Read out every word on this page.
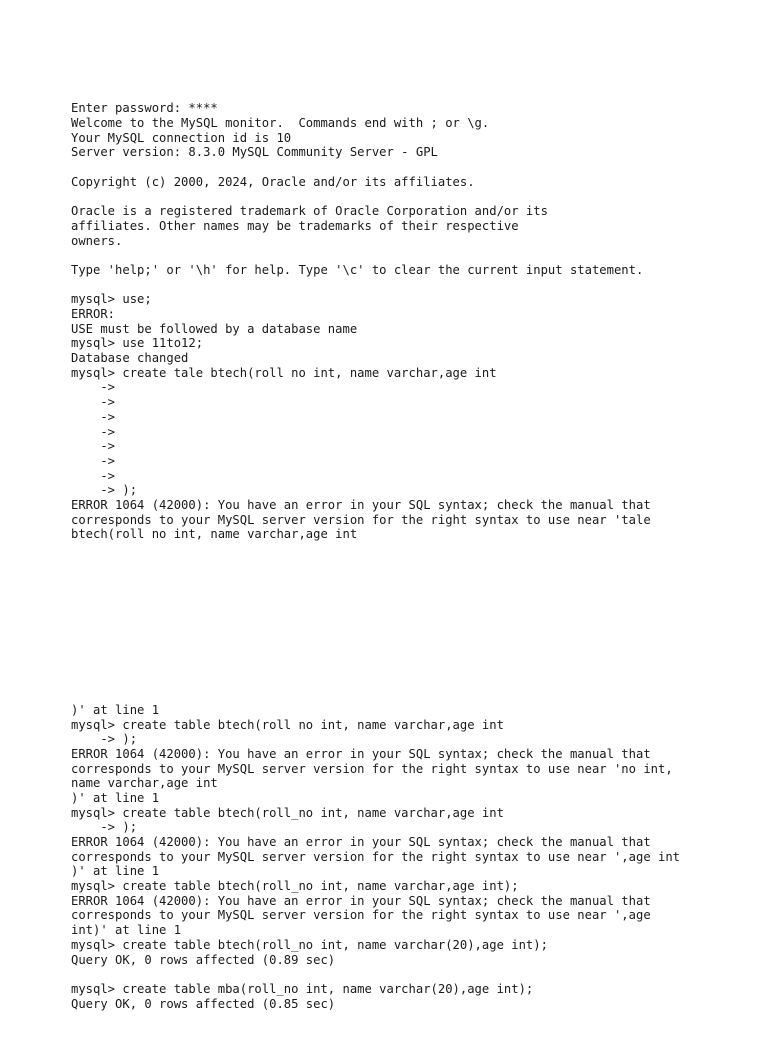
Enter password: ****
Welcome to the MySQL monitor.  Commands end with ; or \g.
Your MySQL connection id is 10
Server version: 8.3.0 MySQL Community Server - GPL
Copyright (c) 2000, 2024, Oracle and/or its affiliates.
Oracle is a registered trademark of Oracle Corporation and/or its
affiliates. Other names may be trademarks of their respective
owners.
Type 'help;' or '\h' for help. Type '\c' to clear the current input statement.
mysql> use;
ERROR:
USE must be followed by a database name
mysql> use 11to12;
Database changed
mysql> create tale btech(roll no int, name varchar,age int
->
->
->
->
->
->
->
-> );
ERROR 1064 (42000): You have an error in your SQL syntax; check the manual that
corresponds to your MySQL server version for the right syntax to use near 'tale
btech(roll no int, name varchar,age int

)' at line 1
mysql> create table btech(roll no int, name varchar,age int
-> );
ERROR 1064 (42000): You have an error in your SQL syntax; check the manual that
corresponds to your MySQL server version for the right syntax to use near 'no int,
name varchar,age int
)' at line 1
mysql> create table btech(roll_no int, name varchar,age int
-> );
ERROR 1064 (42000): You have an error in your SQL syntax; check the manual that
corresponds to your MySQL server version for the right syntax to use near ',age int
)' at line 1
mysql> create table btech(roll_no int, name varchar,age int);
ERROR 1064 (42000): You have an error in your SQL syntax; check the manual that
corresponds to your MySQL server version for the right syntax to use near ',age
int)' at line 1
mysql> create table btech(roll_no int, name varchar(20),age int);
Query OK, 0 rows affected (0.89 sec)
mysql> create table mba(roll_no int, name varchar(20),age int);
Query OK, 0 rows affected (0.85 sec)
